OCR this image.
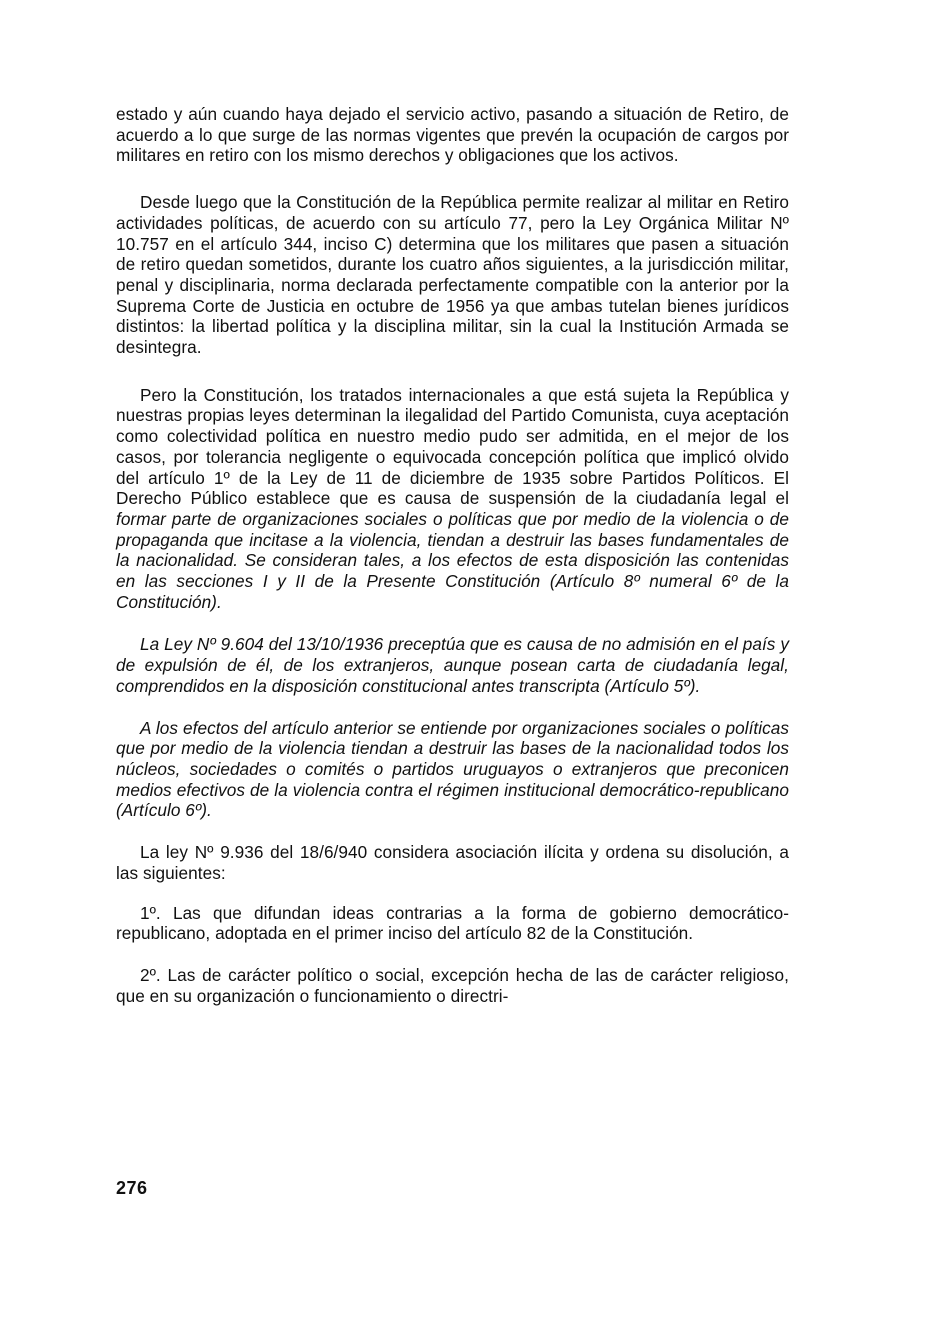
estado y aún cuando haya dejado el servicio activo, pasando a situación de Retiro, de acuerdo a lo que surge de las normas vigentes que prevén la ocupación de cargos por militares en retiro con los mismo derechos y obligaciones que los activos.

Desde luego que la Constitución de la República permite realizar al militar en Retiro actividades políticas, de acuerdo con su artículo 77, pero la Ley Orgánica Militar Nº 10.757 en el artículo 344, inciso C) determina que los militares que pasen a situación de retiro quedan sometidos, durante los cuatro años siguientes, a la jurisdicción militar, penal y disciplinaria, norma declarada perfectamente compatible con la anterior por la Suprema Corte de Justicia en octubre de 1956 ya que ambas tutelan bienes jurídicos distintos: la libertad política y la disciplina militar, sin la cual la Institución Armada se desintegra.

Pero la Constitución, los tratados internacionales a que está sujeta la República y nuestras propias leyes determinan la ilegalidad del Partido Comunista, cuya aceptación como colectividad política en nuestro medio pudo ser admitida, en el mejor de los casos, por tolerancia negligente o equivocada concepción política que implicó olvido del artículo 1º de la Ley de 11 de diciembre de 1935 sobre Partidos Políticos. El Derecho Público establece que es causa de suspensión de la ciudadanía legal el formar parte de organizaciones sociales o políticas que por medio de la violencia o de propaganda que incitase a la violencia, tiendan a destruir las bases fundamentales de la nacionalidad. Se consideran tales, a los efectos de esta disposición las contenidas en las secciones I y II de la Presente Constitución (Artículo 8º numeral 6º de la Constitución).

La Ley Nº 9.604 del 13/10/1936 preceptúa que es causa de no admisión en el país y de expulsión de él, de los extranjeros, aunque posean carta de ciudadanía legal, comprendidos en la disposición constitucional antes transcripta (Artículo 5º).

A los efectos del artículo anterior se entiende por organizaciones sociales o políticas que por medio de la violencia tiendan a destruir las bases de la nacionalidad todos los núcleos, sociedades o comités o partidos uruguayos o extranjeros que preconicen medios efectivos de la violencia contra el régimen institucional democrático-republicano (Artículo 6º).

La ley Nº 9.936 del 18/6/940 considera asociación ilícita y ordena su disolución, a las siguientes:

1º. Las que difundan ideas contrarias a la forma de gobierno democrático-republicano, adoptada en el primer inciso del artículo 82 de la Constitución.

2º. Las de carácter político o social, excepción hecha de las de carácter religioso, que en su organización o funcionamiento o directri-

276
